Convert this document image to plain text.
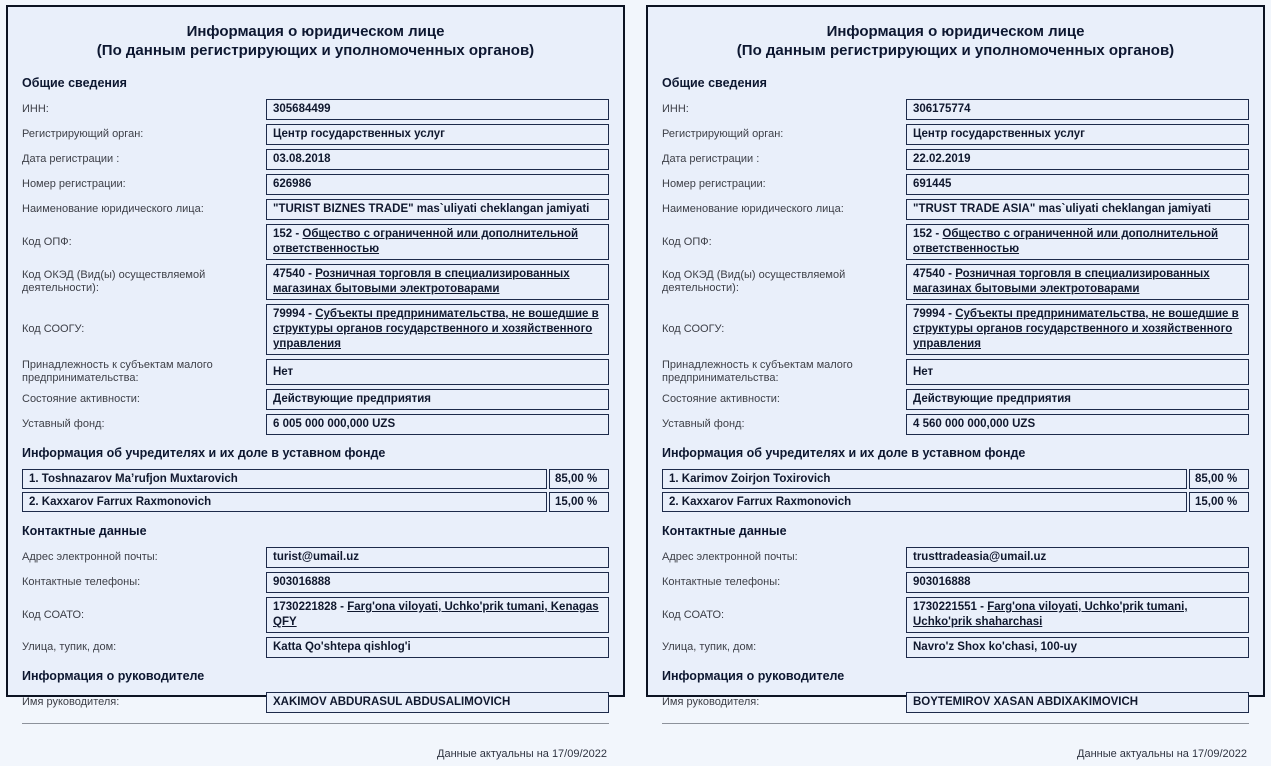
Информация о юридическом лице
(По данным регистрирующих и уполномоченных органов)
Общие сведения
ИНН:	305684499
Регистрирующий орган:	Центр государственных услуг
Дата регистрации :	03.08.2018
Номер регистрации:	626986
Наименование юридического лица:	"TURIST BIZNES TRADE" mas`uliyati cheklangan jamiyati
Код ОПФ:
152 - Общество с ограниченной или дополнительной ответственностью
Код ОКЭД (Вид(ы) осуществляемой деятельности):
47540 - Розничная торговля в специализированных магазинах бытовыми электротоварами
Код СООГУ:
79994 - Субъекты предпринимательства, не вошедшие в структуры органов государственного и хозяйственного управления
Принадлежность к субъектам малого предпринимательства:
Нет
Состояние активности:	Действующие предприятия
Уставный фонд:	6 005 000 000,000 UZS
Информация об учредителях и их доле в уставном фонде
1. Toshnazarov Ma’rufjon Muxtarovich	85,00 %
2. Kaxxarov Farrux Raxmonovich	15,00 %
Контактные данные
Адрес электронной почты:	turist@umail.uz
Контактные телефоны:	903016888
Код СОАТО:
1730221828 - Farg'ona viloyati, Uchko'prik tumani, Kenagas QFY
Улица, тупик, дом:	Katta Qo'shtepa qishlog'i
Информация о руководителе
Имя руководителя:	XAKIMOV ABDURASUL ABDUSALIMOVICH
Данные актуальны на 17/09/2022
Информация о юридическом лице
(По данным регистрирующих и уполномоченных органов)
Общие сведения
ИНН:	306175774
Регистрирующий орган:	Центр государственных услуг
Дата регистрации :	22.02.2019
Номер регистрации:	691445
Наименование юридического лица:	"TRUST TRADE ASIA" mas`uliyati cheklangan jamiyati
Код ОПФ:
152 - Общество с ограниченной или дополнительной ответственностью
Код ОКЭД (Вид(ы) осуществляемой деятельности):
47540 - Розничная торговля в специализированных магазинах бытовыми электротоварами
Код СООГУ:
79994 - Субъекты предпринимательства, не вошедшие в структуры органов государственного и хозяйственного управления
Принадлежность к субъектам малого предпринимательства:
Нет
Состояние активности:	Действующие предприятия
Уставный фонд:	4 560 000 000,000 UZS
Информация об учредителях и их доле в уставном фонде
1. Karimov Zoirjon Toxirovich	85,00 %
2. Kaxxarov Farrux Raxmonovich	15,00 %
Контактные данные
Адрес электронной почты:	trusttradeasia@umail.uz
Контактные телефоны:	903016888
Код СОАТО:
1730221551 - Farg'ona viloyati, Uchko'prik tumani, Uchko'prik shaharchasi
Улица, тупик, дом:	Navro'z Shox ko'chasi, 100-uy
Информация о руководителе
Имя руководителя:	BOYTEMIROV XASAN ABDIXAKIMOVICH
Данные актуальны на 17/09/2022
